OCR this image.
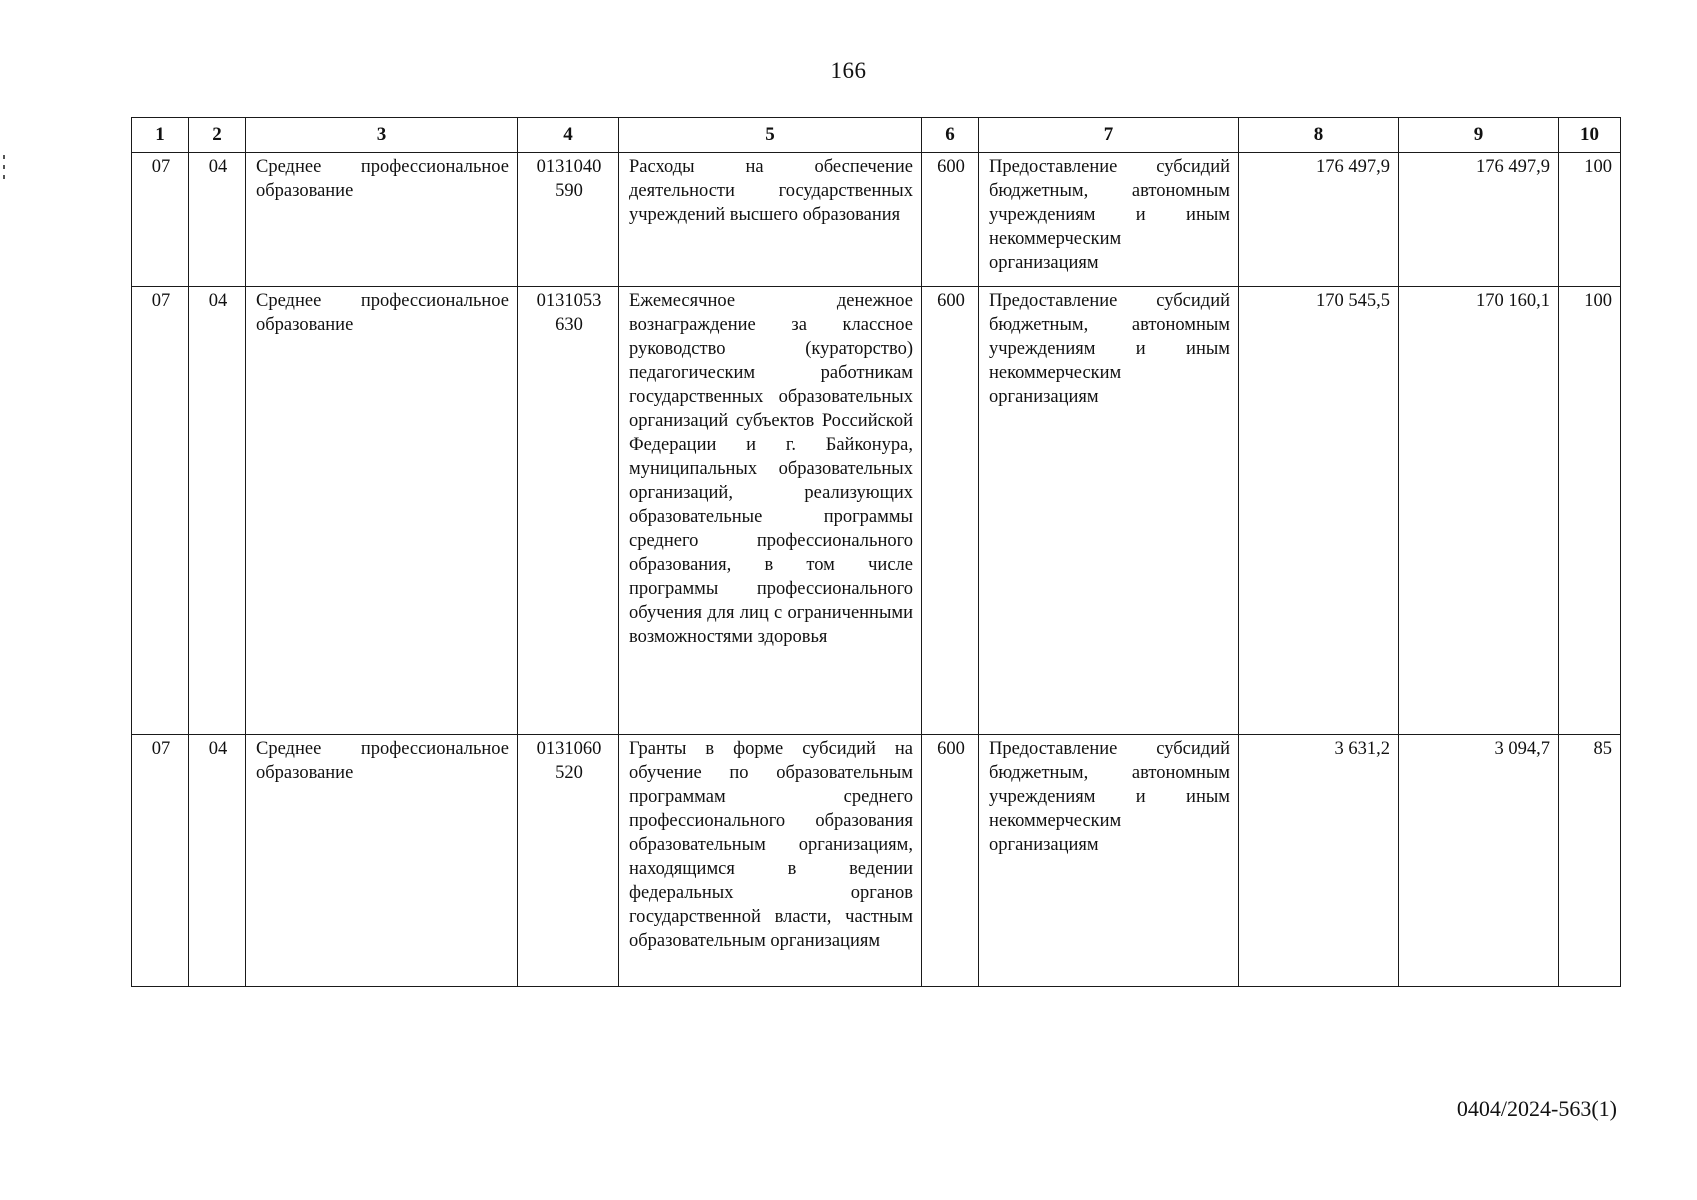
166
1	2	3	4	5	6	7	8	9	10
07	04	Среднее профессиональное образование	0131040 590	Расходы на обеспечение деятельности государственных учреждений высшего образования	600	Предоставление субсидий бюджетным, автономным учреждениям и иным некоммерческим организациям	176 497,9	176 497,9	100
07	04	Среднее профессиональное образование	0131053 630	Ежемесячное денежное вознаграждение за классное руководство (кураторство) педагогическим работникам государственных образовательных организаций субъектов Российской Федерации и г. Байконура, муниципальных образовательных организаций, реализующих образовательные программы среднего профессионального образования, в том числе программы профессионального обучения для лиц с ограниченными возможностями здоровья	600	Предоставление субсидий бюджетным, автономным учреждениям и иным некоммерческим организациям	170 545,5	170 160,1	100
07	04	Среднее профессиональное образование	0131060 520	Гранты в форме субсидий на обучение по образовательным программам среднего профессионального образования образовательным организациям, находящимся в ведении федеральных органов государственной власти, частным образовательным организациям	600	Предоставление субсидий бюджетным, автономным учреждениям и иным некоммерческим организациям	3 631,2	3 094,7	85
0404/2024-563(1)
